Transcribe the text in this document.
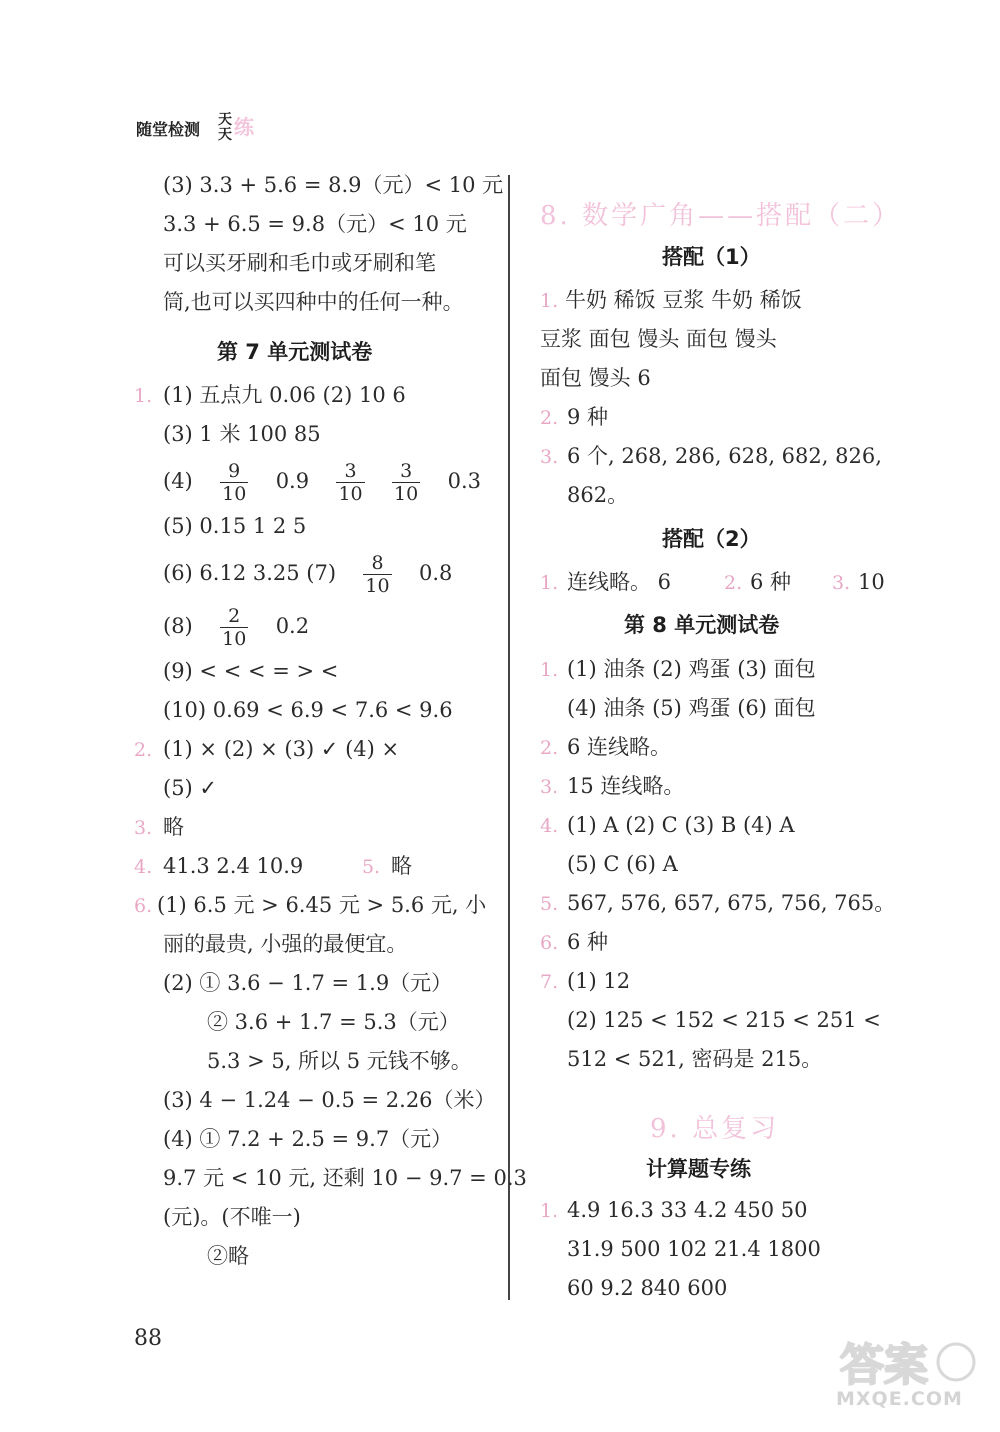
随堂检测 天
天 练
(3) 3.3 + 5.6 = 8.9（元）< 10 元
3.3 + 6.5 = 9.8（元）< 10 元
可以买牙刷和毛巾或牙刷和笔
筒,也可以买四种中的任何一种。
第 7 单元测试卷
1. (1) 五点九 0.06 (2) 10 6
(3) 1 米 100 85
$(4) \frac{9}{10} 0.9 \frac{3}{10}$
$\frac{3}{10} 0.3$
(5) 0.15 1 2 5
(6) 6.12 3.25 $(7) \frac{8}{10} 0.8$
$(8) \frac{2}{10} 0.2$
(9) < < < = > <
(10) 0.69 < 6.9 < 7.6 < 9.6
2. (1) × (2) × (3) ✓ (4) ×
(5) ✓
3. 略
4. 41.3 2.4 10.9	5. 略
6. (1) 6.5 元 > 6.45 元 > 5.6 元, 小
丽的最贵, 小强的最便宜。
(2) ① 3.6 − 1.7 = 1.9（元）
② 3.6 + 1.7 = 5.3（元）
5.3 > 5, 所以 5 元钱不够。
(3) 4 − 1.24 − 0.5 = 2.26（米）
(4) ① 7.2 + 2.5 = 9.7（元）
9.7 元 < 10 元, 还剩 10 − 9.7 = 0.3
(元)。(不唯一)
②略
8. 数学广角——搭配（二）
搭配（1）
1. 牛奶 稀饭 豆浆 牛奶 稀饭
豆浆 面包 馒头 面包 馒头
面包 馒头 6
2. 9 种
3. 6 个, 268, 286, 628, 682, 826,
862。
搭配（2）
1. 连线略。 6	2. 6 种 3. 10
第 8 单元测试卷
1. (1) 油条 (2) 鸡蛋 (3) 面包
(4) 油条 (5) 鸡蛋 (6) 面包
2. 6 连线略。
3. 15 连线略。
4. (1) A (2) C (3) B (4) A
(5) C (6) A
5. 567, 576, 657, 675, 756, 765。
6. 6 种
7. (1) 12
(2) 125 < 152 < 215 < 251 <
512 < 521, 密码是 215。
9. 总复习
计算题专练
1. 4.9 16.3 33 4.2 450 50
31.9 500 102 21.4 1800
60 9.2 840 600
88
答案
MXQE.COM
